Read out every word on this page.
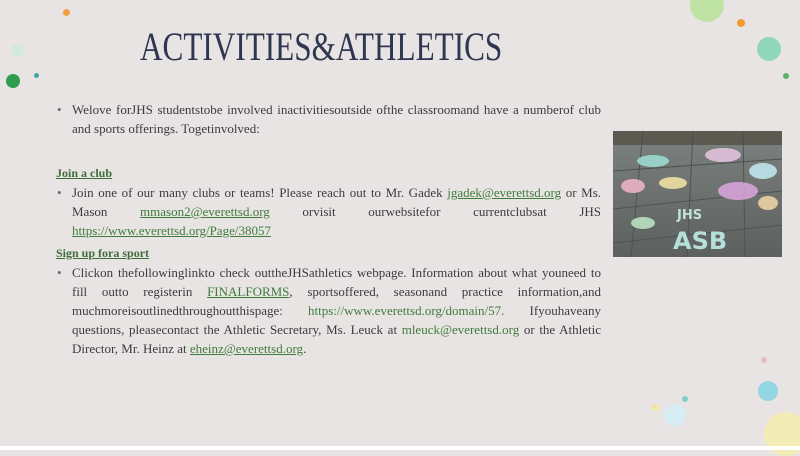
ACTIVITIES & ATHLETICS
• Welove forJHS studentstobe involved inactivitiesoutside ofthe classroomand have a numberof club and sports offerings. Togetinvolved:
Join a club
• Join one of our many clubs or teams! Please reach out to Mr. Gadek jgadek@everettsd.org or Ms. Mason mmason2@everettsd.org orvisit ourwebsitefor currentclubsat JHS https://www.everettsd.org/Page/38057
Sign up fora sport
• Clickon thefollowinglinkto check outtheJHSathletics webpage. Information about what youneed to fill outto registerin FINALFORMS, sportsoffered, seasonand practice information,and muchmoreisoutlinedthroughoutthispage: https://www.everettsd.org/domain/57. Ifyouhaveany questions, pleasecontact the Athletic Secretary, Ms. Leuck at mleuck@everettsd.org or the Athletic Director, Mr. Heinz at eheinz@everettsd.org.
JHS
ASB
